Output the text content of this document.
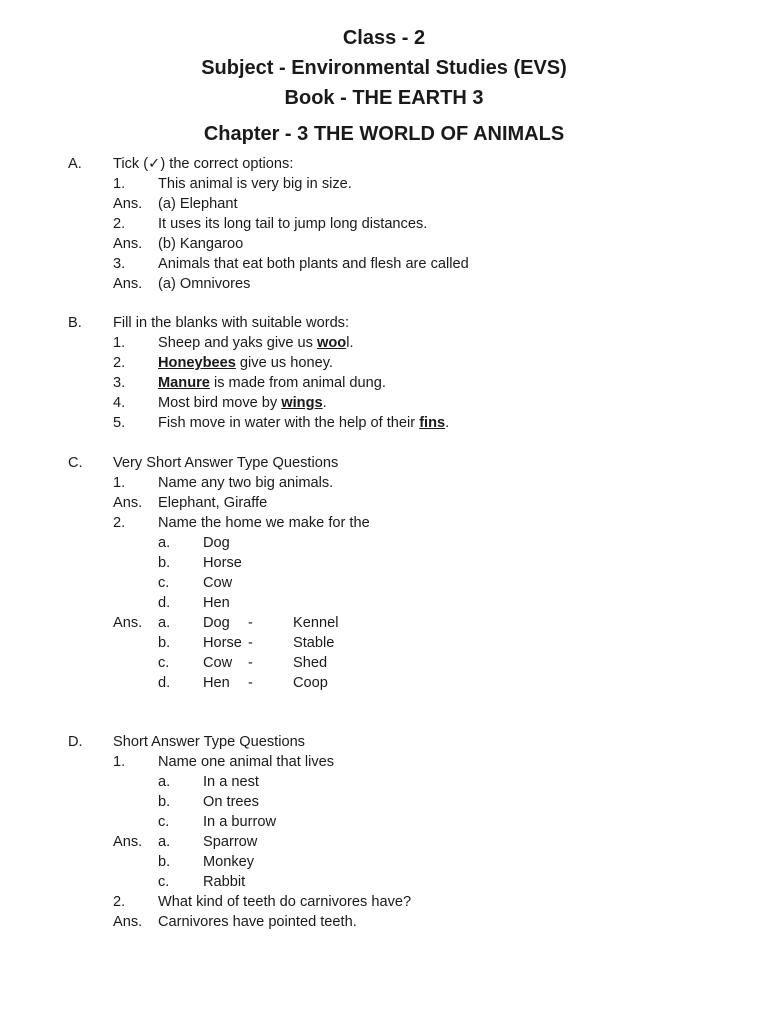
Class - 2
Subject - Environmental Studies (EVS)
Book - THE EARTH 3
Chapter - 3 THE WORLD OF ANIMALS
A. Tick (✓) the correct options:
1. This animal is very big in size.
Ans. (a) Elephant
2. It uses its long tail to jump long distances.
Ans. (b) Kangaroo
3. Animals that eat both plants and flesh are called
Ans. (a) Omnivores
B. Fill in the blanks with suitable words:
1. Sheep and yaks give us wool.
2. Honeybees give us honey.
3. Manure is made from animal dung.
4. Most bird move by wings.
5. Fish move in water with the help of their fins.
C. Very Short Answer Type Questions
1. Name any two big animals.
Ans. Elephant, Giraffe
2. Name the home we make for the
a. Dog
b. Horse
c. Cow
d. Hen
Ans. a. Dog -	Kennel
b. Horse -	Stable
c. Cow -	Shed
d. Hen -	Coop
D. Short Answer Type Questions
1. Name one animal that lives
a. In a nest
b. On trees
c. In a burrow
Ans. a. Sparrow
b. Monkey
c. Rabbit
2. What kind of teeth do carnivores have?
Ans. Carnivores have pointed teeth.
